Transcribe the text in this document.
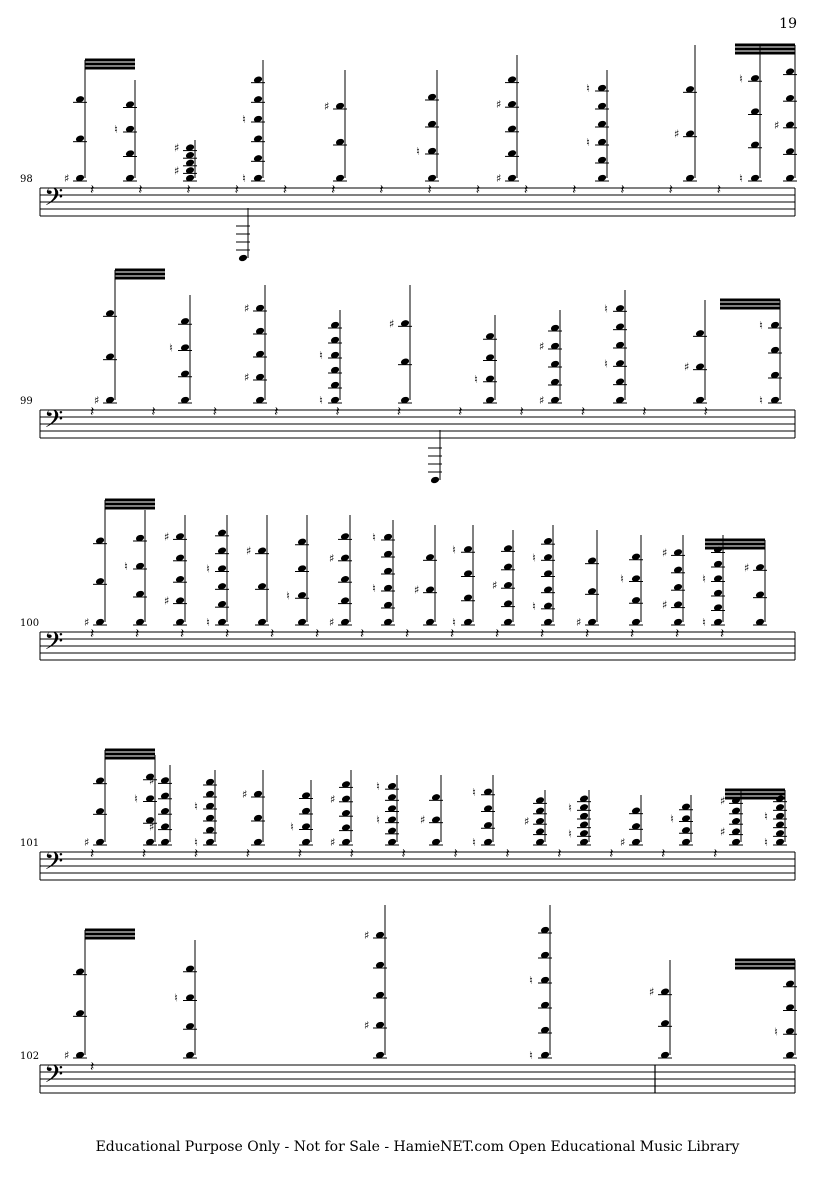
19
98
𝄢
♯
♮
♯
♯
♮
♮
♯
♮
♯
♯
♮
♮
♯
♮
♮
♯
𝄽	𝄽	𝄽	𝄽	𝄽	𝄽	𝄽	𝄽	𝄽	𝄽	𝄽	𝄽	𝄽	𝄽
99
𝄢
♯
♮
♯
♯
♮
♮
♯
♮
♯
♯
♮
♮
♯
♮
♮
𝄽	𝄽	𝄽	𝄽	𝄽	𝄽	𝄽	𝄽	𝄽	𝄽	𝄽
100
𝄢
♯
♮
♯
♯
♮
♮
♯
♮
♯
♯
♮
♮
♯
♮
♮
♯
♮
♮
♯
♮
♯
♯
♮
♮
♯
𝄽	𝄽	𝄽	𝄽	𝄽	𝄽	𝄽	𝄽	𝄽	𝄽	𝄽	𝄽	𝄽	𝄽	𝄽
101
𝄢
♯
♮
♯
♯
♮
♮
♯
♮
♯
♯
♮
♮
♯
♮
♮
♯
♮
♮
♯
♮
♯
♯
♮
♮
𝄽	𝄽	𝄽	𝄽	𝄽	𝄽	𝄽	𝄽	𝄽	𝄽	𝄽	𝄽	𝄽
102
𝄢
♯
♮
♯
♯
♮
♮
♯
♮
𝄽
Educational Purpose Only - Not for Sale - HamieNET.com Open Educational Music Library
